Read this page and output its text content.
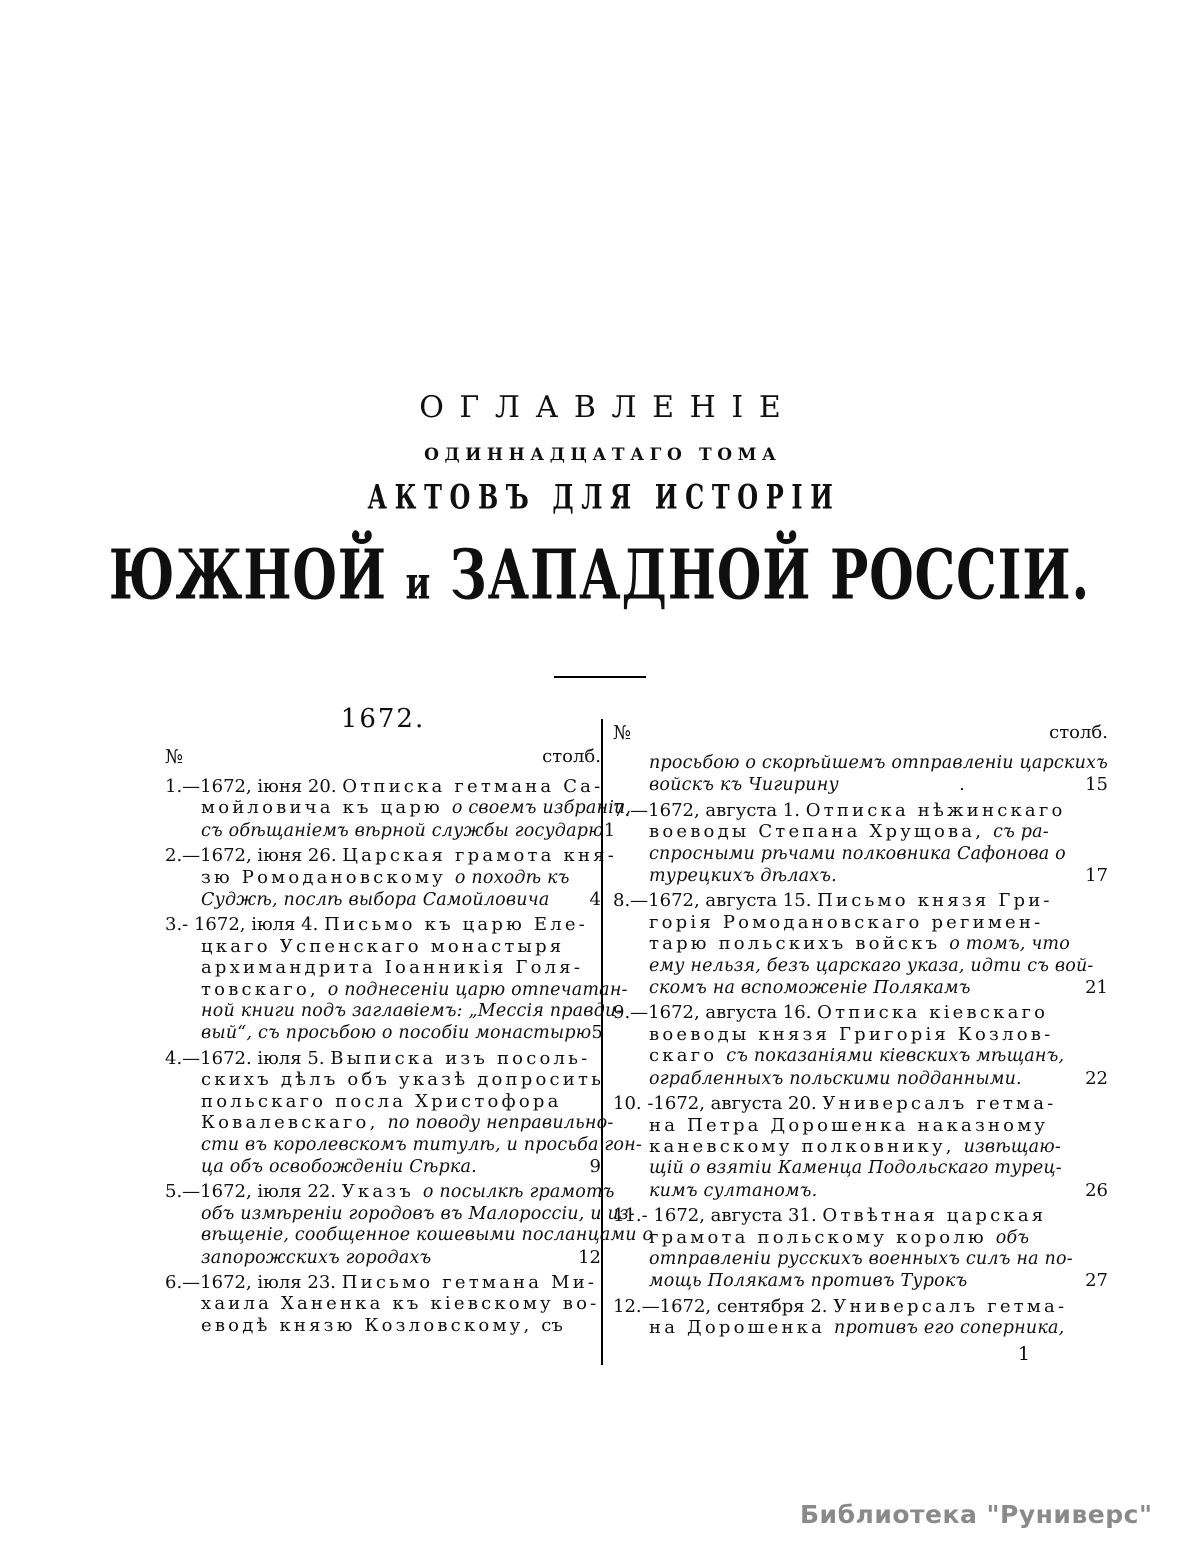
ОГЛАВЛЕНІЕ
ОДИННАДЦАТАГО ТОМА
АКТОВЪ ДЛЯ ИСТОРІИ
ЮЖНОЙ и ЗАПАДНОЙ РОССІИ.
1672.
№	столб.
1.—1672, іюня 20. Отписка гетмана Са-
мойловича къ царю о своемъ избраніи,
съ обѣщаніемъ вѣрной службы государю 1
2.—1672, іюня 26. Царская грамота кня-
зю Ромодановскому о походѣ къ
Суджѣ, послѣ выбора Самойловича 4
3.- 1672, іюля 4. Письмо къ царю Еле-
цкаго Успенскаго монастыря
архимандрита Іоанникія Голя-
товскаго, о поднесеніи царю отпечатан-
ной книги подъ заглавіемъ: „Мессія правди-
вый“, съ просьбою о пособіи монастырю 5
4.—1672. іюля 5. Выписка изъ посоль-
скихъ дѣлъ объ указѣ допросить
польскаго посла Христофора
Ковалевскаго, по поводу неправильно-
сти въ королевскомъ титулѣ, и просьба гон-
ца объ освобожденіи Сѣрка.	9
5.—1672, іюля 22. Указъ о посылкѣ грамотъ
объ измѣреніи городовъ въ Малороссіи, и из-
вѣщеніе, сообщенное кошевыми посланцами о
запорожскихъ городахъ	12
6.—1672, іюля 23. Письмо гетмана Ми-
хаила Ханенка къ кіевскому во-
еводѣ князю Козловскому, съ
№	столб.
просьбою о скорѣйшемъ отправленіи царскихъ
войскъ къ Чигирину	.	15
7.—1672, августа 1. Отписка нѣжинскаго
воеводы Степана Хрущова, съ ра-
спросными рѣчами полковника Сафонова о
турецкихъ дѣлахъ.	17
8.—1672, августа 15. Письмо князя Гри-
горія Ромодановскаго регимен-
тарю польскихъ войскъ о томъ, что
ему нельзя, безъ царскаго указа, идти съ вой-
скомъ на вспоможеніе Полякамъ	21
9.—1672, августа 16. Отписка кіевскаго
воеводы князя Григорія Козлов-
скаго съ показаніями кіевскихъ мѣщанъ,
ограбленныхъ польскими подданными.	22
10. -1672, августа 20. Универсалъ гетма-
на Петра Дорошенка наказному
каневскому полковнику, извѣщаю-
щій о взятіи Каменца Подольскаго турец-
кимъ султаномъ.	26
11.- 1672, августа 31. Отвѣтная царская
грамота польскому королю объ
отправленіи русскихъ военныхъ силъ на по-
мощь Полякамъ противъ Турокъ	27
12.—1672, сентября 2. Универсалъ гетма-
на Дорошенка противъ его соперника,
1
Библиотека "Руниверс"
